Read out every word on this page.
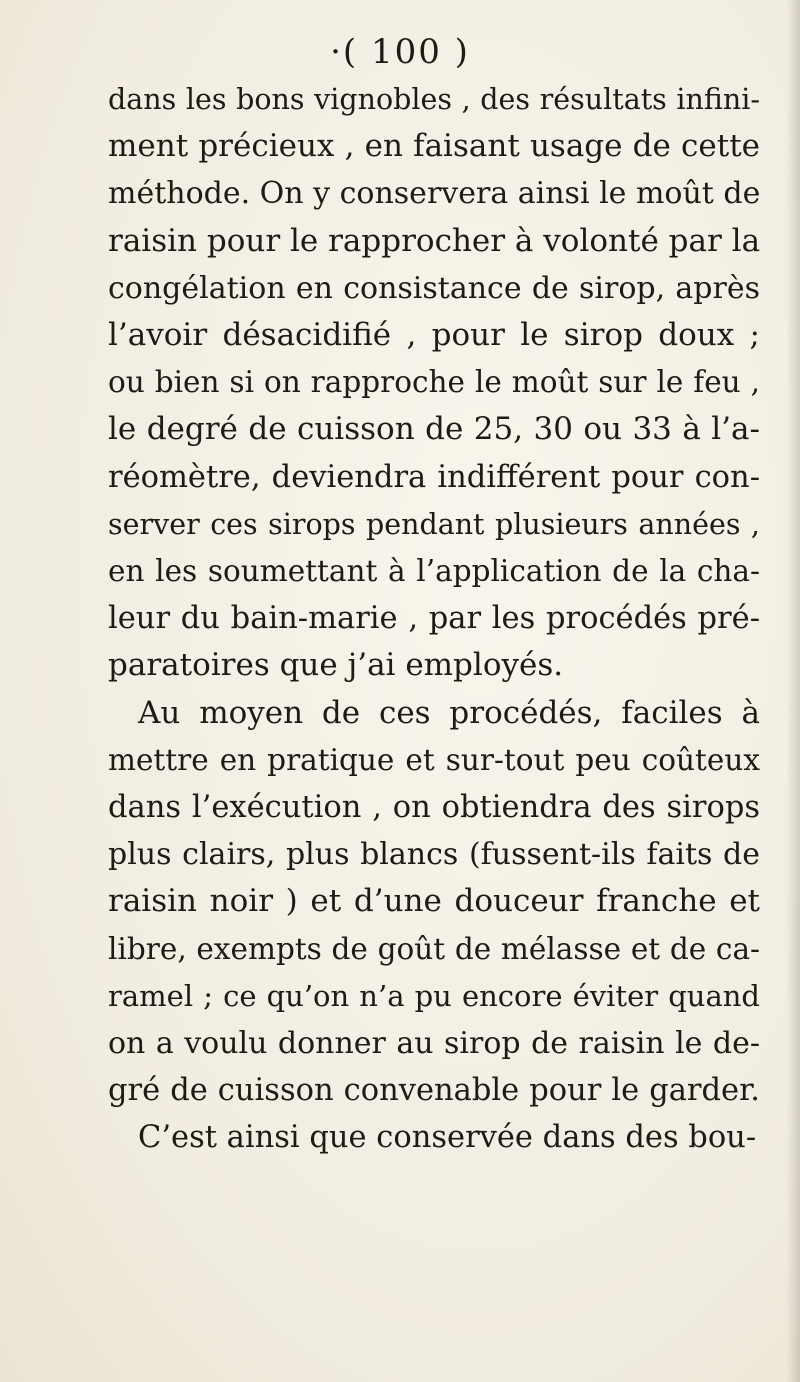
·( 100 )
dans les bons vignobles , des résultats infini-
ment précieux , en faisant usage de cette
méthode. On y conservera ainsi le moût de
raisin pour le rapprocher à volonté par la
congélation en consistance de sirop, après
l’avoir désacidifié , pour le sirop doux ;
ou bien si on rapproche le moût sur le feu ,
le degré de cuisson de 25, 30 ou 33 à l’a-
réomètre, deviendra indifférent pour con-
server ces sirops pendant plusieurs années ,
en les soumettant à l’application de la cha-
leur du bain-marie , par les procédés pré-
paratoires que j’ai employés.
Au moyen de ces procédés, faciles à
mettre en pratique et sur-tout peu coûteux
dans l’exécution , on obtiendra des sirops
plus clairs, plus blancs (fussent-ils faits de
raisin noir ) et d’une douceur franche et
libre, exempts de goût de mélasse et de ca-
ramel ; ce qu’on n’a pu encore éviter quand
on a voulu donner au sirop de raisin le de-
gré de cuisson convenable pour le garder.
C’est ainsi que conservée dans des bou-
